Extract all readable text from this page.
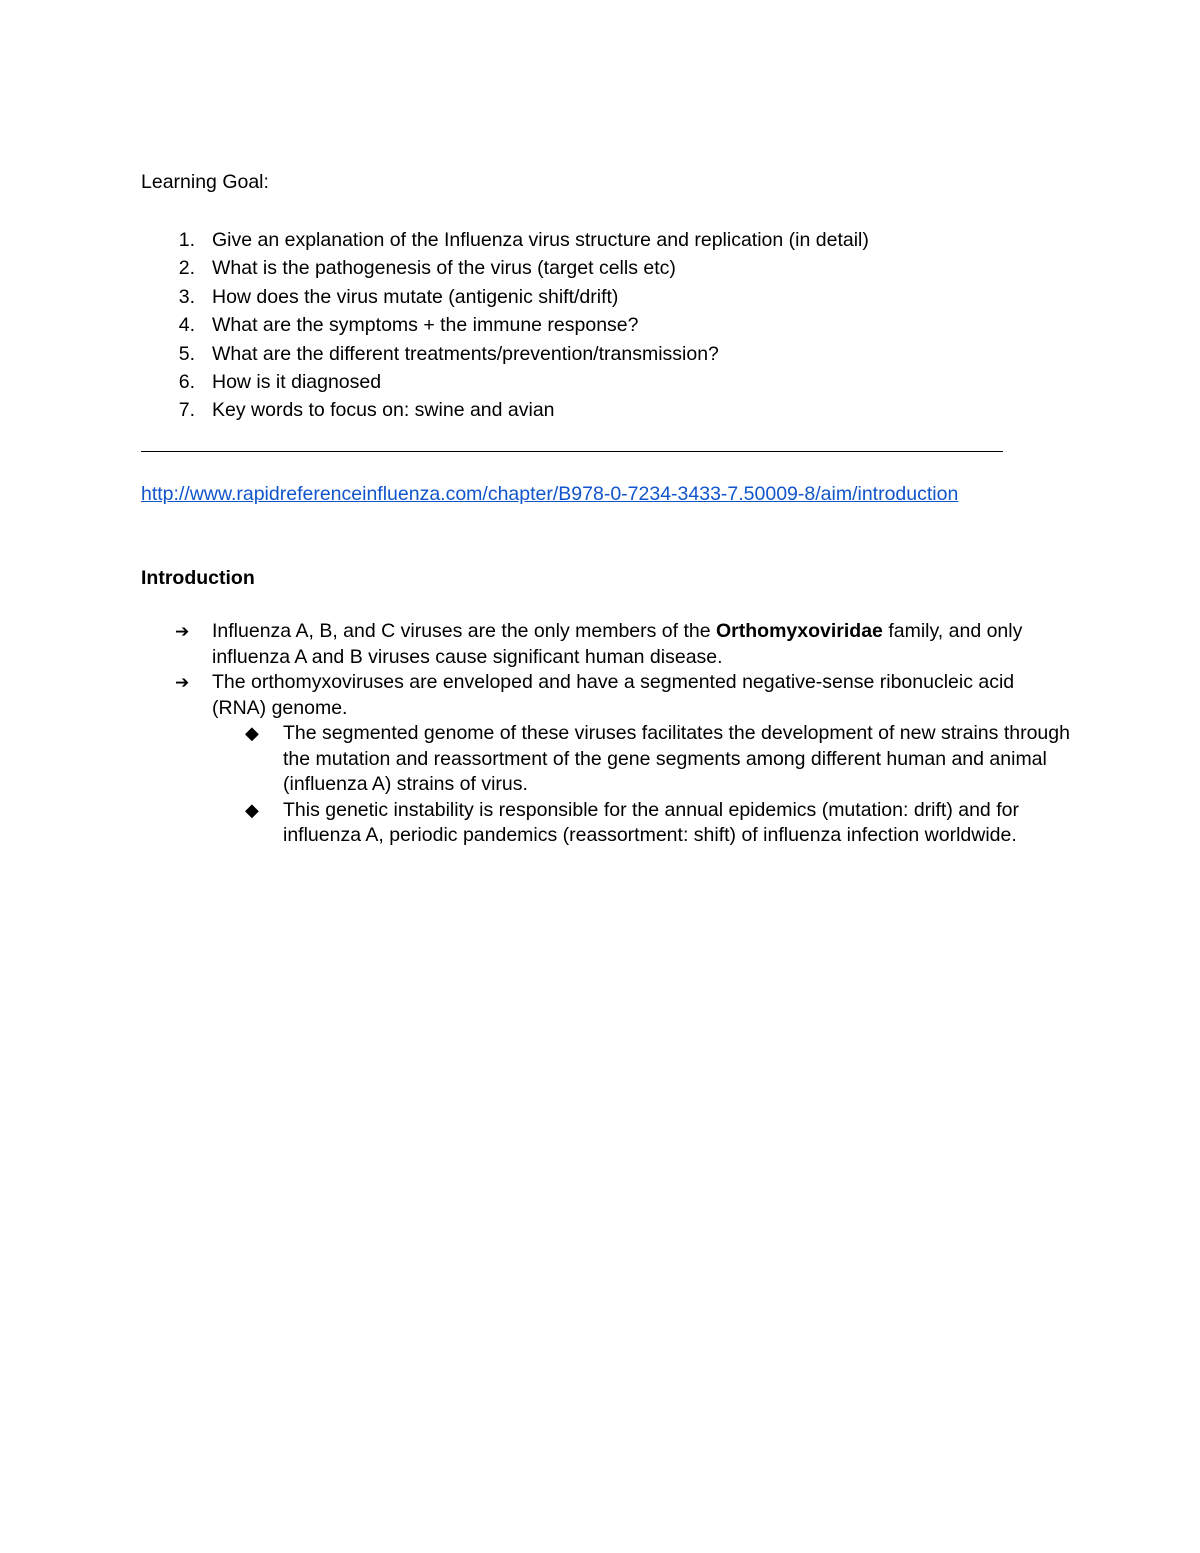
Learning Goal:
1. Give an explanation of the Influenza virus structure and replication (in detail)
2. What is the pathogenesis of the virus (target cells etc)
3. How does the virus mutate (antigenic shift/drift)
4. What are the symptoms + the immune response?
5. What are the different treatments/prevention/transmission?
6. How is it diagnosed
7. Key words to focus on: swine and avian
http://www.rapidreferenceinfluenza.com/chapter/B978-0-7234-3433-7.50009-8/aim/introduction
Introduction

➔ Influenza A, B, and C viruses are the only members of the Orthomyxoviridae family, and only influenza A and B viruses cause significant human disease.

➔ The orthomyxoviruses are enveloped and have a segmented negative-sense ribonucleic acid (RNA) genome.

◆ The segmented genome of these viruses facilitates the development of new strains through the mutation and reassortment of the gene segments among different human and animal (influenza A) strains of virus.

◆ This genetic instability is responsible for the annual epidemics (mutation: drift) and for influenza A, periodic pandemics (reassortment: shift) of influenza infection worldwide.
